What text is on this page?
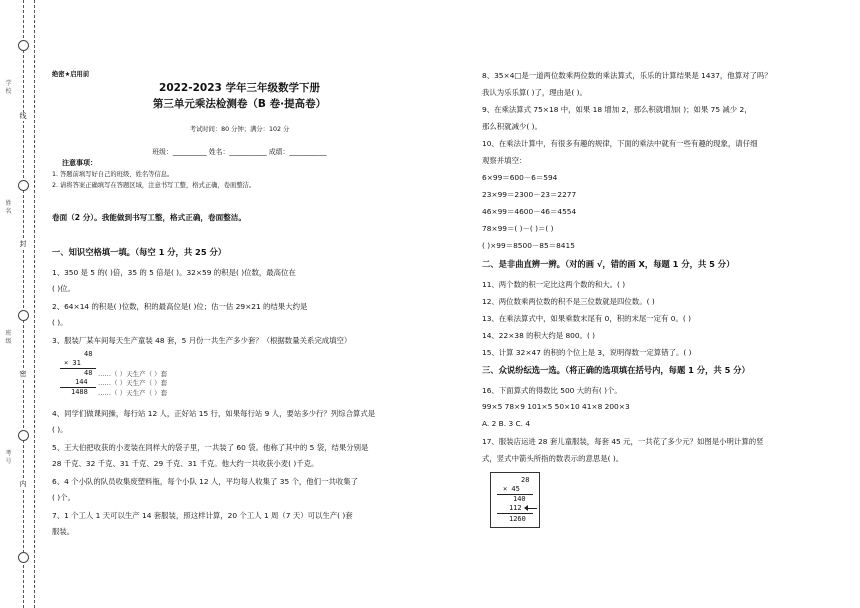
线
封
密
内
学校
姓名
班级
考号
绝密★启用前
2022-2023 学年三年级数学下册
第三单元乘法检测卷（B 卷·提高卷）
考试时间：80 分钟；满分：102 分
班级：__________ 姓名：___________ 成绩：___________
注意事项：
1. 答题前填写好自己的班级、姓名等信息。
2. 请将答案正确填写在答题区域，注意书写工整，格式正确，卷面整洁。
卷面（2 分）。我能做到书写工整，格式正确，卷面整洁。
一、知识空格填一填。（每空 1 分，共 25 分）
1、350 是 5 的( )倍，35 的 5 倍是( )。32×59 的积是( )位数，最高位在
( )位。
2、64×14 的积是( )位数，积的最高位是( )位；估一估 29×21 的结果大约是
( )。
3、服装厂某车间每天生产童装 48 套，5 月份一共生产多少套？（根据数量关系完成填空）
48
× 31
48 ……（ ）天生产（ ）套
144 ……（ ）天生产（ ）套
1488 ……（ ）天生产（ ）套
4、同学们做课间操，每行站 12 人，正好站 15 行，如果每行站 9 人，要站多少行？列综合算式是
( )。
5、王大伯把收获的小麦装在同样大的袋子里，一共装了 60 袋。他称了其中的 5 袋，结果分别是
28 千克、32 千克、31 千克、29 千克、31 千克。他大约一共收获小麦( )千克。
6、4 个小队的队员收集废塑料瓶，每个小队 12 人，平均每人收集了 35 个，他们一共收集了
( )个。
7、1 个工人 1 天可以生产 14 套服装，照这样计算，20 个工人 1 周（7 天）可以生产( )套
服装。
8、35×4□是一道两位数乘两位数的乘法算式，乐乐的计算结果是 1437，他算对了吗？
我认为乐乐算( )了，理由是( )。
9、在乘法算式 75×18 中，如果 18 增加 2，那么积就增加( )；如果 75 减少 2，
那么积就减少( )。
10、在乘法计算中，有很多有趣的规律，下面的乘法中就有一些有趣的现象，请仔细
观察并填空：
6×99＝600－6＝594
23×99＝2300－23＝2277
46×99＝4600－46＝4554
78×99＝( )－( )＝( )
( )×99＝8500－85＝8415
二、是非曲直辨一辨。（对的画 √，错的画 X，每题 1 分，共 5 分）
11、两个数的积一定比这两个数的和大。( )
12、两位数乘两位数的积不是三位数就是四位数。( )
13、在乘法算式中，如果乘数末尾有 0，积的末尾一定有 0。( )
14、22×38 的积大约是 800。( )
15、计算 32×47 的积的个位上是 3，说明得数一定算错了。( )
三、众说纷纭选一选。（将正确的选项填在括号内，每题 1 分，共 5 分）
16、下面算式的得数比 500 大的有( )个。
99×5 78×9 101×5 50×10 41×8 200×3
A. 2 B. 3 C. 4
17、服装店运进 28 套儿童服装，每套 45 元，一共花了多少元？如图是小明计算的竖
式，竖式中箭头所指的数表示的意思是( )。
28
× 45
140
112
1260
